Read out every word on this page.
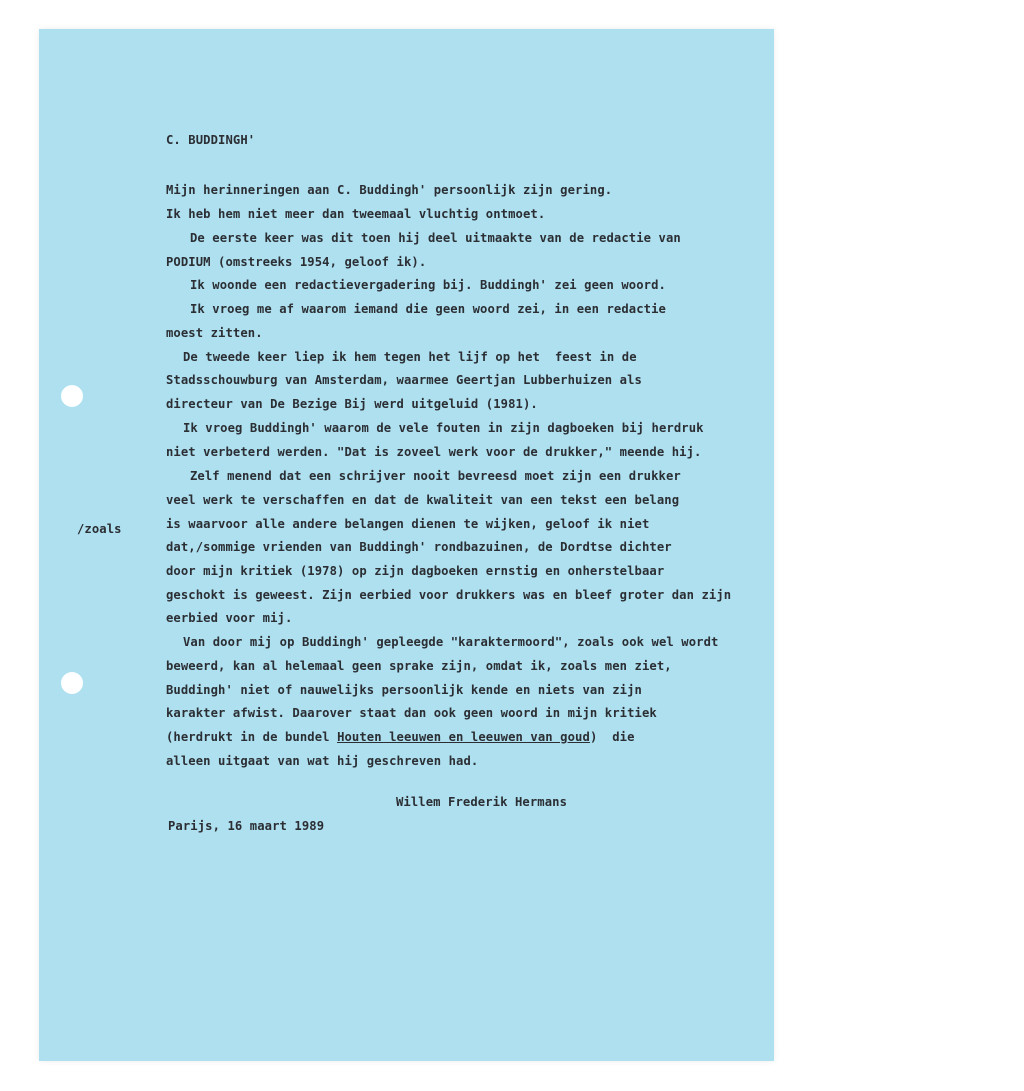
C. BUDDINGH'
/zoals
Mijn herinneringen aan C. Buddingh' persoonlijk zijn gering.
Ik heb hem niet meer dan tweemaal vluchtig ontmoet.
De eerste keer was dit toen hij deel uitmaakte van de redactie van
PODIUM (omstreeks 1954, geloof ik).
Ik woonde een redactievergadering bij. Buddingh' zei geen woord.
Ik vroeg me af waarom iemand die geen woord zei, in een redactie
moest zitten.
De tweede keer liep ik hem tegen het lijf op het  feest in de
Stadsschouwburg van Amsterdam, waarmee Geertjan Lubberhuizen als
directeur van De Bezige Bij werd uitgeluid (1981).
Ik vroeg Buddingh' waarom de vele fouten in zijn dagboeken bij herdruk
niet verbeterd werden. "Dat is zoveel werk voor de drukker," meende hij.
Zelf menend dat een schrijver nooit bevreesd moet zijn een drukker
veel werk te verschaffen en dat de kwaliteit van een tekst een belang
is waarvoor alle andere belangen dienen te wijken, geloof ik niet
dat,/sommige vrienden van Buddingh' rondbazuinen, de Dordtse dichter
door mijn kritiek (1978) op zijn dagboeken ernstig en onherstelbaar
geschokt is geweest. Zijn eerbied voor drukkers was en bleef groter dan zijn
eerbied voor mij.
Van door mij op Buddingh' gepleegde "karaktermoord", zoals ook wel wordt
beweerd, kan al helemaal geen sprake zijn, omdat ik, zoals men ziet,
Buddingh' niet of nauwelijks persoonlijk kende en niets van zijn
karakter afwist. Daarover staat dan ook geen woord in mijn kritiek
(herdrukt in de bundel Houten leeuwen en leeuwen van goud)  die
alleen uitgaat van wat hij geschreven had.
Willem Frederik Hermans
Parijs, 16 maart 1989
